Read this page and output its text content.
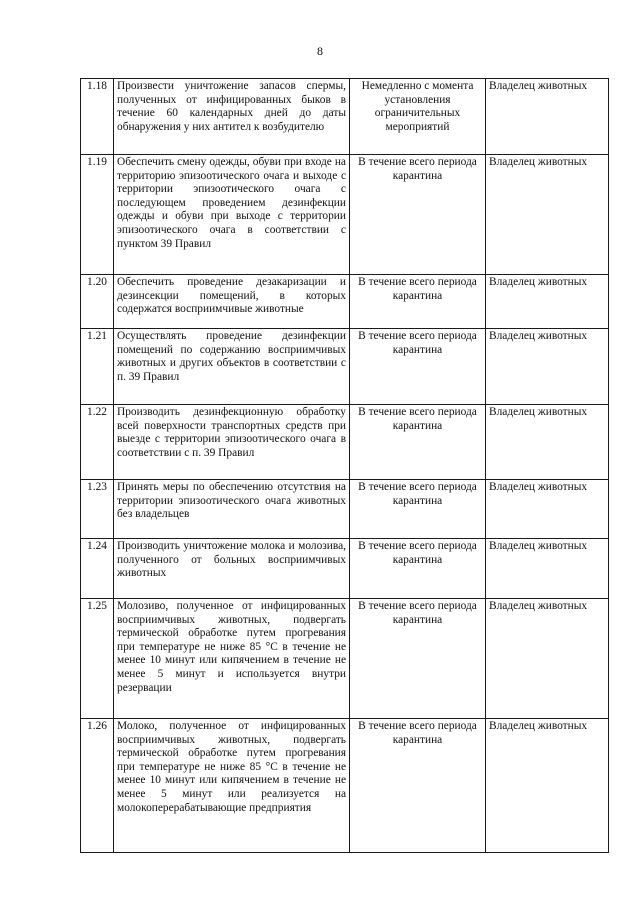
8
1.18	Произвести уничтожение запасов спермы, полученных от инфицированных быков в течение 60 календарных дней до даты обнаружения у них антител к возбудителю	Немедленно с момента установления ограничительных мероприятий	Владелец животных
1.19	Обеспечить смену одежды, обуви при входе на территорию эпизоотического очага и выходе с территории эпизоотического очага с последующем проведением дезинфекции одежды и обуви при выходе с территории эпизоотического очага в соответствии с пунктом 39 Правил	В течение всего периода карантина	Владелец животных
1.20	Обеспечить проведение дезакаризации и дезинсекции помещений, в которых содержатся восприимчивые животные	В течение всего периода карантина	Владелец животных
1.21	Осуществлять проведение дезинфекции помещений по содержанию восприимчивых животных и других объектов в соответствии с п. 39 Правил	В течение всего периода карантина	Владелец животных
1.22	Производить дезинфекционную обработку всей поверхности транспортных средств при выезде с территории эпизоотического очага в соответствии с п. 39 Правил	В течение всего периода карантина	Владелец животных
1.23	Принять меры по обеспечению отсутствия на территории эпизоотического очага животных без владельцев	В течение всего периода карантина	Владелец животных
1.24	Производить уничтожение молока и молозива, полученного от больных восприимчивых животных	В течение всего периода карантина	Владелец животных
1.25	Молозиво, полученное от инфицированных восприимчивых животных, подвергать термической обработке путем прогревания при температуре не ниже 85 °С в течение не менее 10 минут или кипячением в течение не менее 5 минут и используется внутри резервации	В течение всего периода карантина	Владелец животных
1.26	Молоко, полученное от инфицированных восприимчивых животных, подвергать термической обработке путем прогревания при температуре не ниже 85 °С в течение не менее 10 минут или кипячением в течение не менее 5 минут или реализуется на молокоперерабатывающие предприятия	В течение всего периода карантина	Владелец животных
